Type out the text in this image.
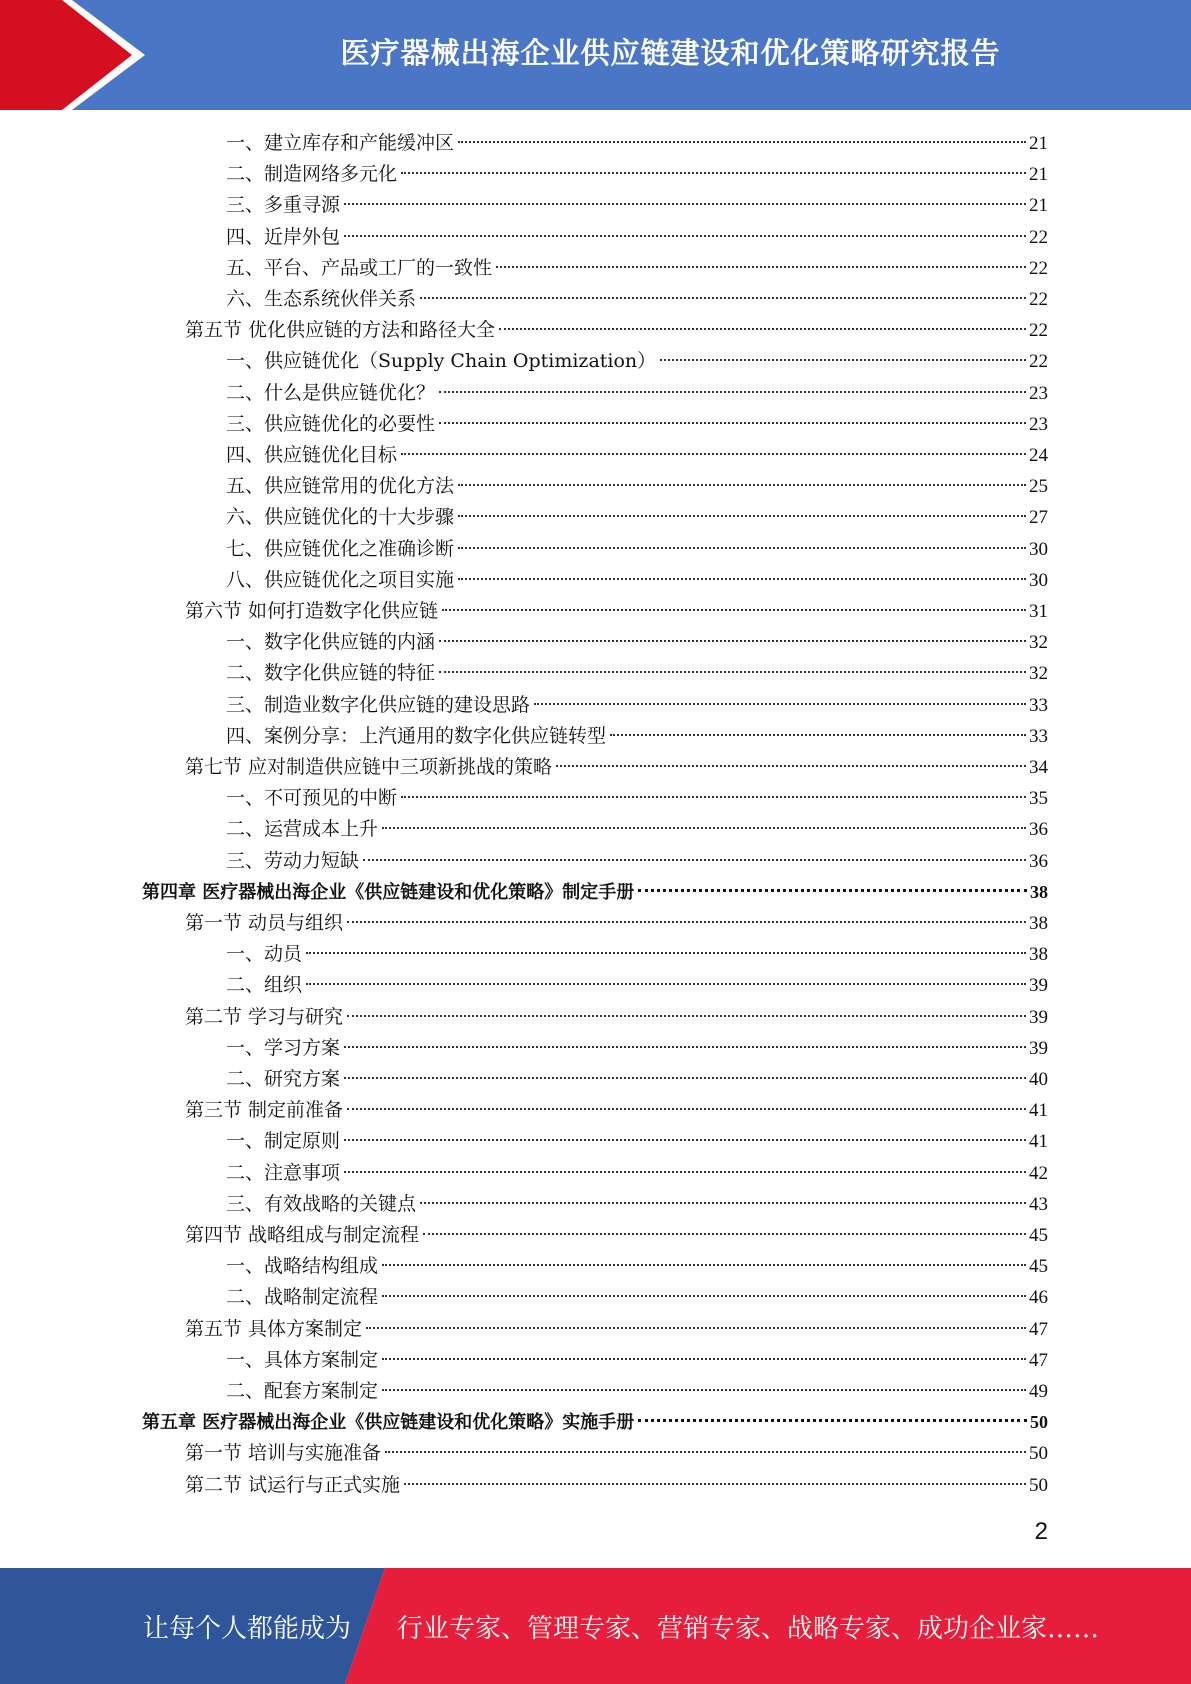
医疗器械出海企业供应链建设和优化策略研究报告
一、建立库存和产能缓冲区	21
二、制造网络多元化	21
三、多重寻源	21
四、近岸外包	22
五、平台、产品或工厂的一致性	22
六、生态系统伙伴关系	22
第五节 优化供应链的方法和路径大全	22
一、供应链优化（Supply Chain Optimization）	22
二、什么是供应链优化？	23
三、供应链优化的必要性	23
四、供应链优化目标	24
五、供应链常用的优化方法	25
六、供应链优化的十大步骤	27
七、供应链优化之准确诊断	30
八、供应链优化之项目实施	30
第六节 如何打造数字化供应链	31
一、数字化供应链的内涵	32
二、数字化供应链的特征	32
三、制造业数字化供应链的建设思路	33
四、案例分享：上汽通用的数字化供应链转型	33
第七节 应对制造供应链中三项新挑战的策略	34
一、不可预见的中断	35
二、运营成本上升	36
三、劳动力短缺	36
第四章 医疗器械出海企业《供应链建设和优化策略》制定手册	38
第一节 动员与组织	38
一、动员	38
二、组织	39
第二节 学习与研究	39
一、学习方案	39
二、研究方案	40
第三节 制定前准备	41
一、制定原则	41
二、注意事项	42
三、有效战略的关键点	43
第四节 战略组成与制定流程	45
一、战略结构组成	45
二、战略制定流程	46
第五节 具体方案制定	47
一、具体方案制定	47
二、配套方案制定	49
第五章 医疗器械出海企业《供应链建设和优化策略》实施手册	50
第一节 培训与实施准备	50
第二节 试运行与正式实施	50
2
让每个人都能成为 行业专家、管理专家、营销专家、战略专家、成功企业家……
